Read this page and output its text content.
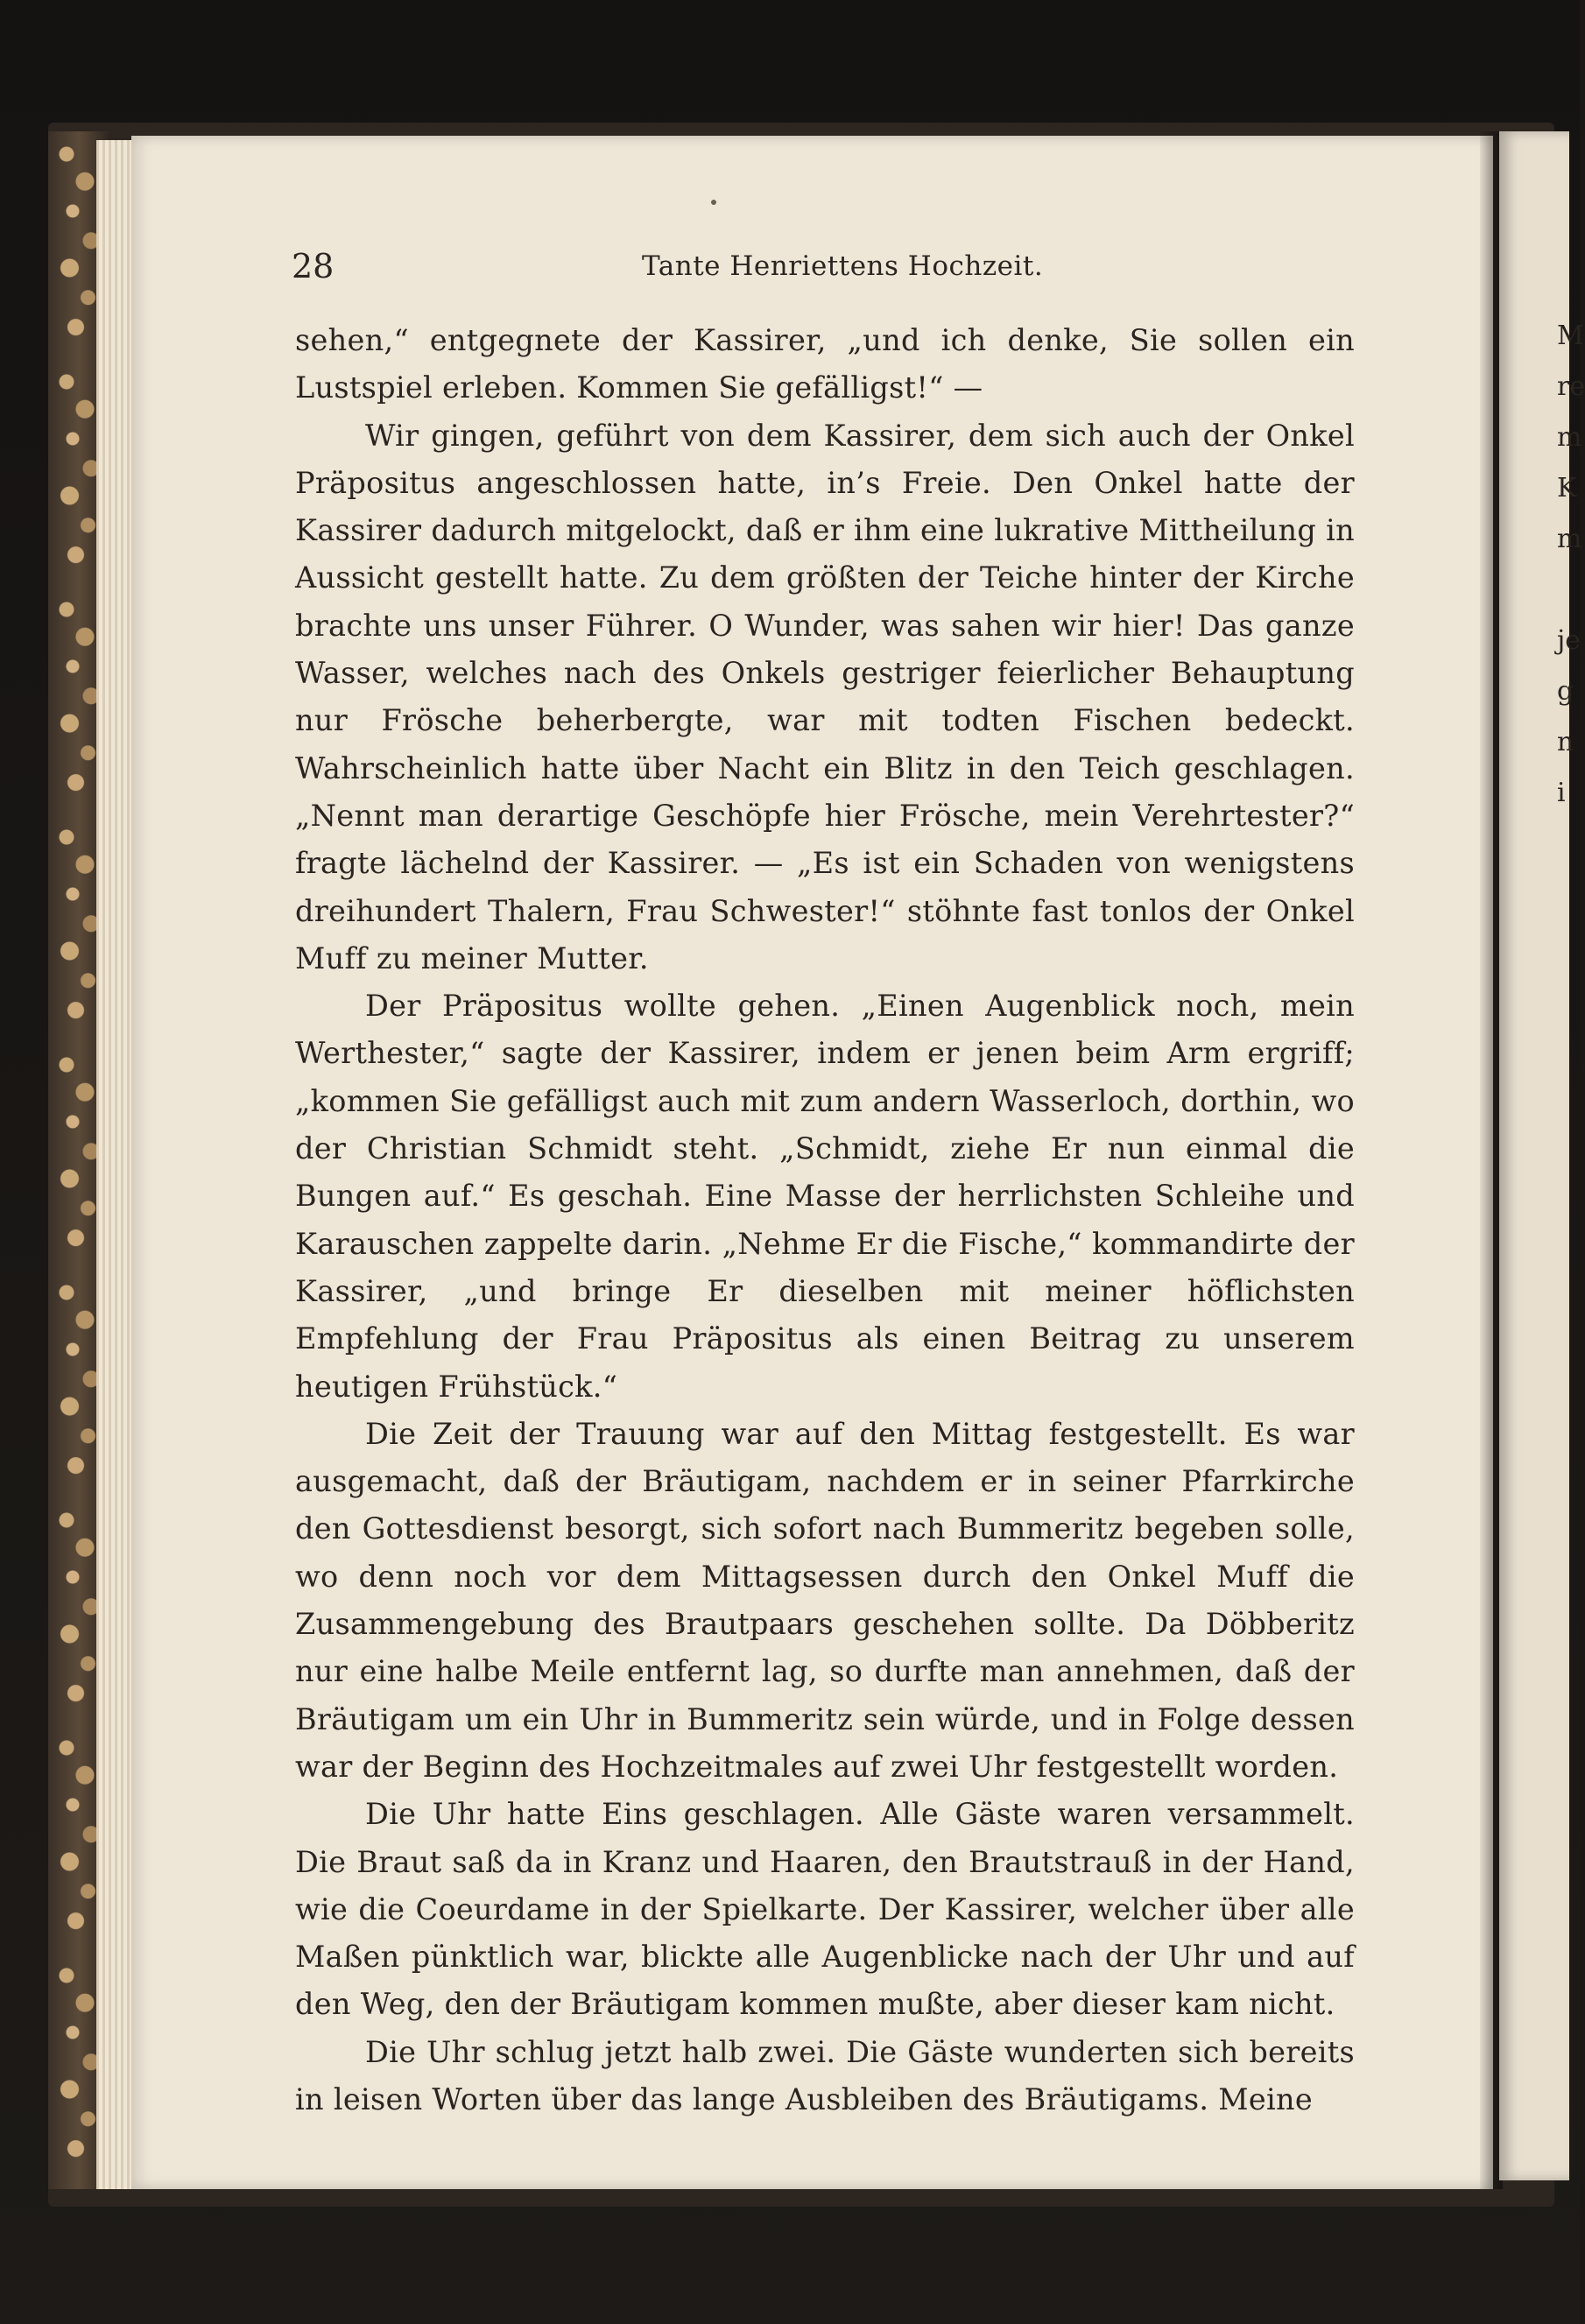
28	Tante Henriettens Hochzeit.

sehen,“ entgegnete der Kassirer, „und ich denke, Sie sollen ein Lustspiel erleben. Kommen Sie gefälligst!“ —

Wir gingen, geführt von dem Kassirer, dem sich auch der Onkel Präpositus angeschlossen hatte, in’s Freie. Den Onkel hatte der Kassirer dadurch mitgelockt, daß er ihm eine lukrative Mittheilung in Aussicht gestellt hatte. Zu dem größten der Teiche hinter der Kirche brachte uns unser Führer. O Wunder, was sahen wir hier! Das ganze Wasser, welches nach des Onkels gestriger feierlicher Behauptung nur Frösche beherbergte, war mit todten Fischen bedeckt. Wahrscheinlich hatte über Nacht ein Blitz in den Teich geschlagen. „Nennt man derartige Geschöpfe hier Frösche, mein Verehrtester?“ fragte lächelnd der Kassirer. — „Es ist ein Schaden von wenigstens dreihundert Thalern, Frau Schwester!“ stöhnte fast tonlos der Onkel Muff zu meiner Mutter.

Der Präpositus wollte gehen. „Einen Augenblick noch, mein Werthester,“ sagte der Kassirer, indem er jenen beim Arm ergriff; „kommen Sie gefälligst auch mit zum andern Wasserloch, dorthin, wo der Christian Schmidt steht. „Schmidt, ziehe Er nun einmal die Bungen auf.“ Es geschah. Eine Masse der herrlichsten Schleihe und Karauschen zappelte darin. „Nehme Er die Fische,“ kommandirte der Kassirer, „und bringe Er dieselben mit meiner höflichsten Empfehlung der Frau Präpositus als einen Beitrag zu unserem heutigen Frühstück.“

Die Zeit der Trauung war auf den Mittag festgestellt. Es war ausgemacht, daß der Bräutigam, nachdem er in seiner Pfarrkirche den Gottesdienst besorgt, sich sofort nach Bummeritz begeben solle, wo denn noch vor dem Mittagsessen durch den Onkel Muff die Zusammengebung des Brautpaars geschehen sollte. Da Döbberitz nur eine halbe Meile entfernt lag, so durfte man annehmen, daß der Bräutigam um ein Uhr in Bummeritz sein würde, und in Folge dessen war der Beginn des Hochzeitmales auf zwei Uhr festgestellt worden.

Die Uhr hatte Eins geschlagen. Alle Gäste waren versammelt. Die Braut saß da in Kranz und Haaren, den Brautstrauß in der Hand, wie die Coeurdame in der Spielkarte. Der Kassirer, welcher über alle Maßen pünktlich war, blickte alle Augenblicke nach der Uhr und auf den Weg, den der Bräutigam kommen mußte, aber dieser kam nicht.

Die Uhr schlug jetzt halb zwei. Die Gäste wunderten sich bereits in leisen Worten über das lange Ausbleiben des Bräutigams. Meine

M
re
m
K
m
je
g
n
i
